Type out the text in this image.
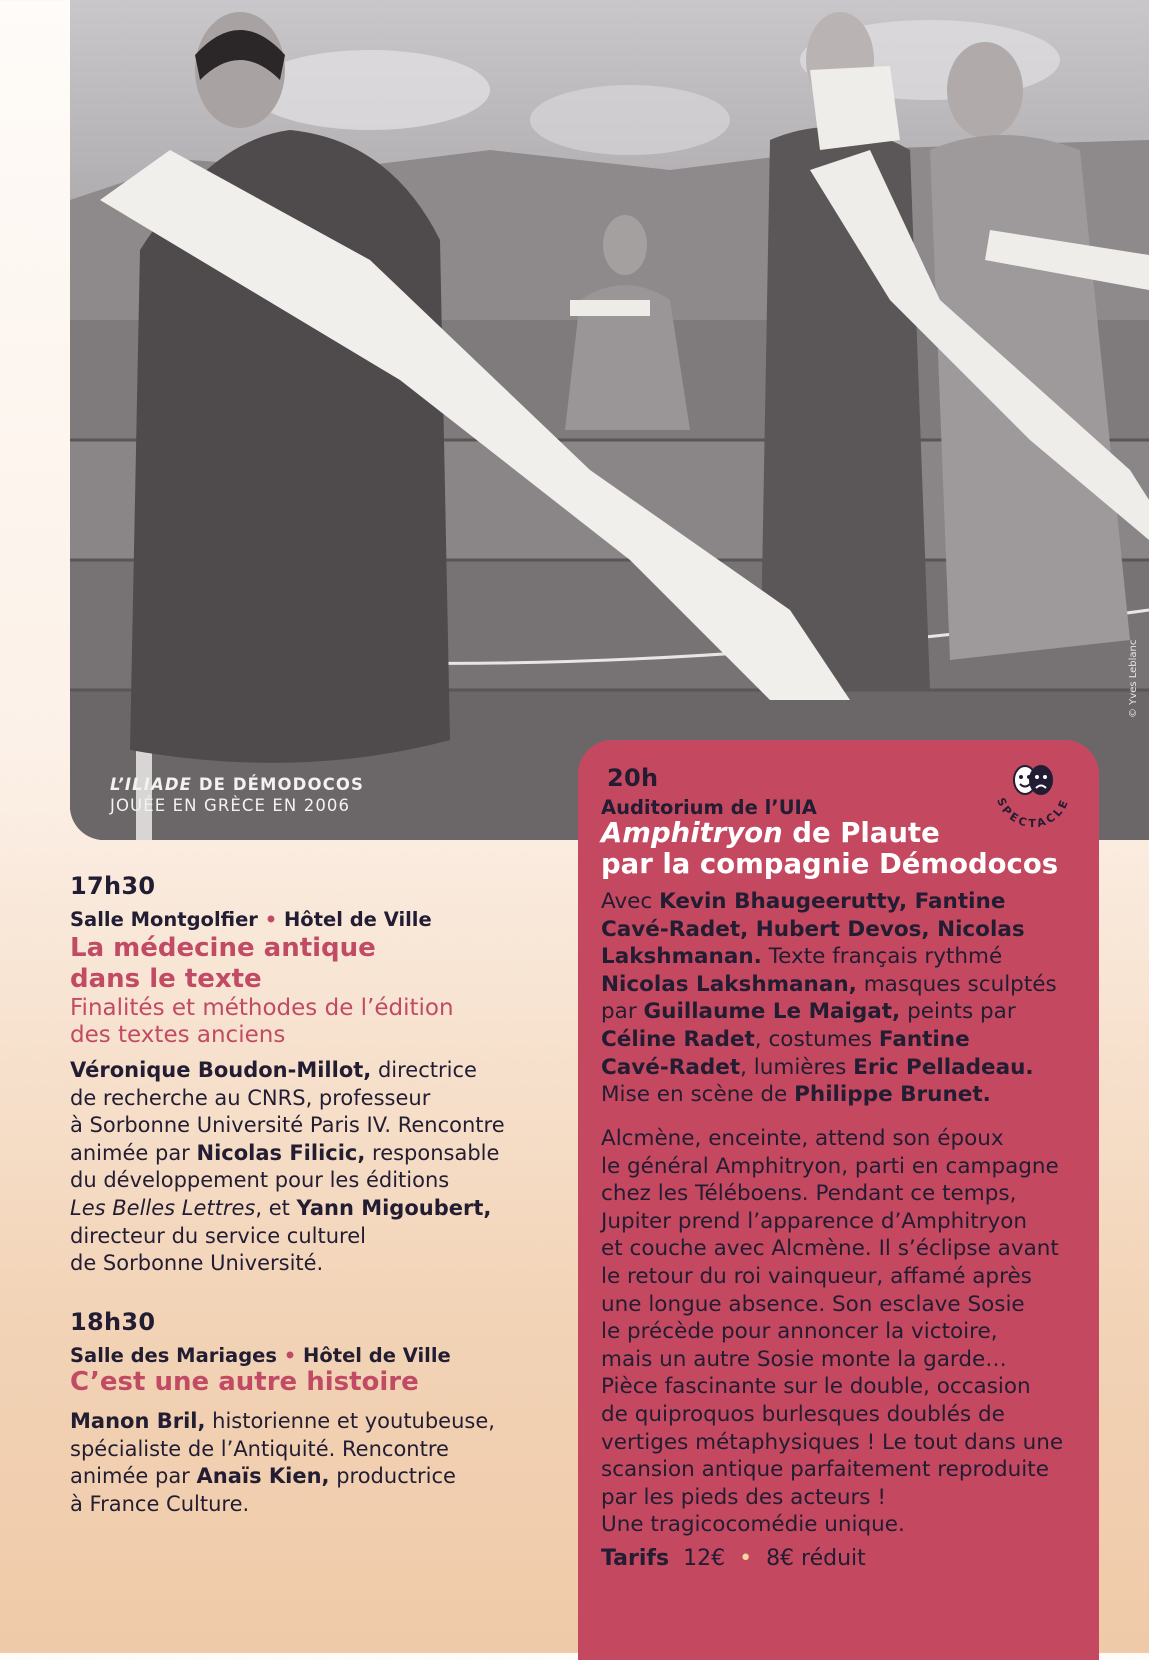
L’ILIADE DE DÉMODOCOS
JOUÉE EN GRÈCE EN 2006
© Yves Leblanc
17h30
Salle Montgolfier • Hôtel de Ville
La médecine antique
dans le texte
Finalités et méthodes de l’édition
des textes anciens
Véronique Boudon-Millot, directrice
de recherche au CNRS, professeur
à Sorbonne Université Paris IV. Rencontre
animée par Nicolas Filicic, responsable
du développement pour les éditions
Les Belles Lettres, et Yann Migoubert,
directeur du service culturel
de Sorbonne Université.
18h30
Salle des Mariages • Hôtel de Ville
C’est une autre histoire
Manon Bril, historienne et youtubeuse,
spécialiste de l’Antiquité. Rencontre
animée par Anaïs Kien, productrice
à France Culture.
20h
Auditorium de l’UIA
Amphitryon de Plaute
par la compagnie Démodocos
Avec Kevin Bhaugeerutty, Fantine
Cavé-Radet, Hubert Devos, Nicolas
Lakshmanan. Texte français rythmé
Nicolas Lakshmanan, masques sculptés
par Guillaume Le Maigat, peints par
Céline Radet, costumes Fantine
Cavé-Radet, lumières Eric Pelladeau.
Mise en scène de Philippe Brunet.
Alcmène, enceinte, attend son époux
le général Amphitryon, parti en campagne
chez les Téléboens. Pendant ce temps,
Jupiter prend l’apparence d’Amphitryon
et couche avec Alcmène. Il s’éclipse avant
le retour du roi vainqueur, affamé après
une longue absence. Son esclave Sosie
le précède pour annoncer la victoire,
mais un autre Sosie monte la garde…
Pièce fascinante sur le double, occasion
de quiproquos burlesques doublés de
vertiges métaphysiques ! Le tout dans une
scansion antique parfaitement reproduite
par les pieds des acteurs !
Une tragicocomédie unique.
Tarifs 12€ • 8€ réduit
SPECTACLE
